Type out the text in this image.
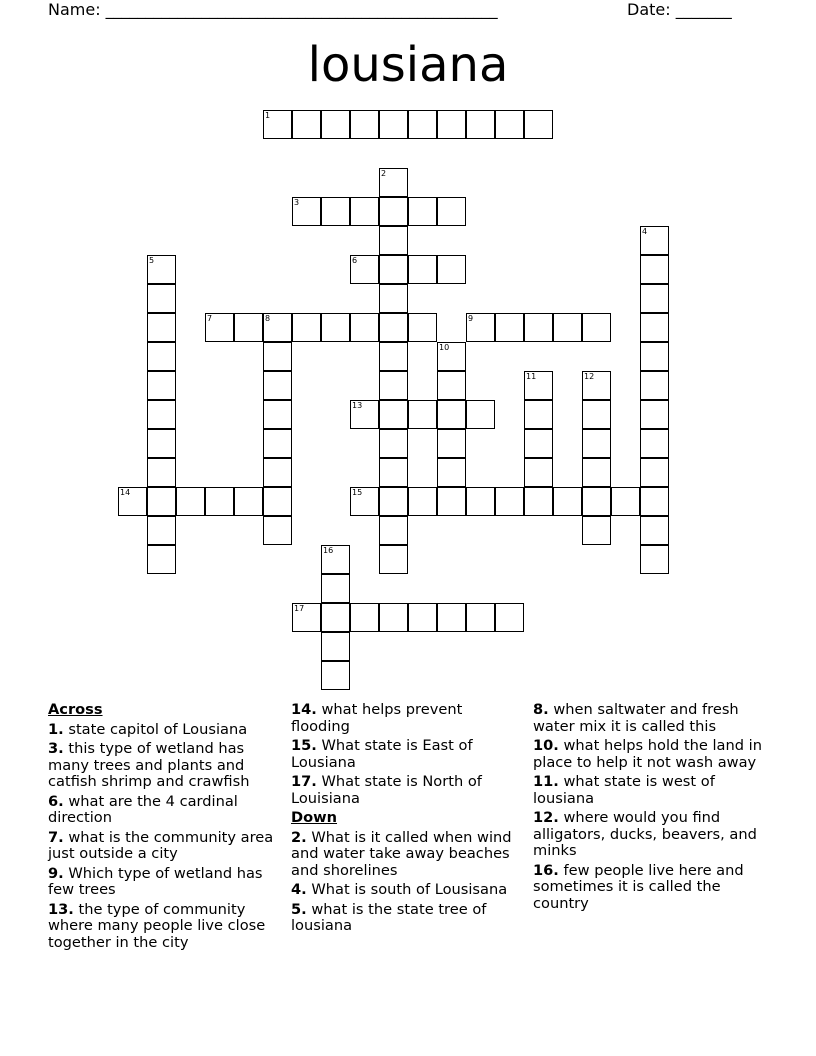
Name: _________________________________________________	Date: _______
lousiana
1
2
3
4
5	6
7	8	9
10
11	12
13
14	15
16
17
Across
1. state capitol of Lousiana
3. this type of wetland has many trees and plants and catfish shrimp and crawfish
6. what are the 4 cardinal direction
7. what is the community area just outside a city
9. Which type of wetland has few trees
13. the type of community where many people live close together in the city
14. what helps prevent flooding
15. What state is East of Lousiana
17. What state is North of Louisiana
Down
2. What is it called when wind and water take away beaches and shorelines
4. What is south of Lousisana
5. what is the state tree of lousiana
8. when saltwater and fresh water mix it is called this
10. what helps hold the land in place to help it not wash away
11. what state is west of lousiana
12. where would you find alligators, ducks, beavers, and minks
16. few people live here and sometimes it is called the country
